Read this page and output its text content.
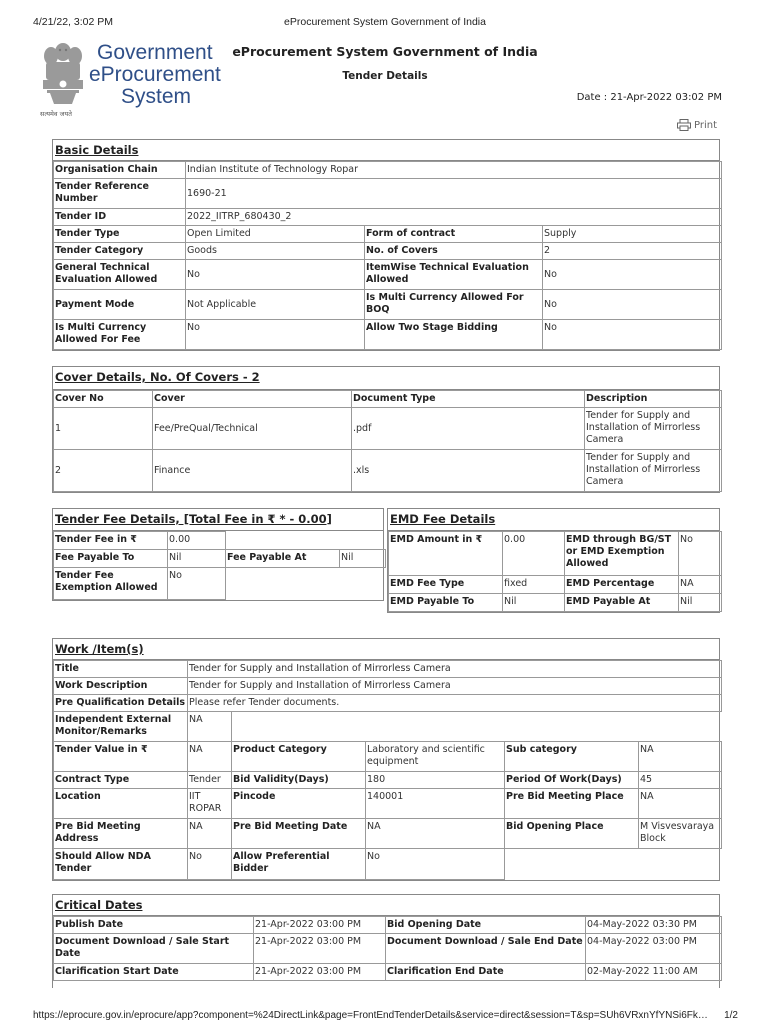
4/21/22, 3:02 PM	eProcurement System Government of India
सत्यमेव जयते
Government
eProcurement
System
eProcurement System Government of India
Tender Details
Date : 21-Apr-2022 03:02 PM
Print
Basic Details
Organisation Chain	Indian Institute of Technology Ropar		
Tender Reference Number	1690-21		
Tender ID	2022_IITRP_680430_2		
Tender Type	Open Limited	Form of contract	Supply
Tender Category	Goods	No. of Covers	2
General Technical Evaluation Allowed	No	ItemWise Technical Evaluation Allowed	No
Payment Mode	Not Applicable	Is Multi Currency Allowed For BOQ	No
Is Multi Currency Allowed For Fee	No	Allow Two Stage Bidding	No
Cover Details, No. Of Covers - 2
Cover No	Cover	Document Type	Description
1	Fee/PreQual/Technical	.pdf	Tender for Supply and Installation of Mirrorless Camera
2	Finance	.xls	Tender for Supply and Installation of Mirrorless Camera
Tender Fee Details, [Total Fee in ₹ * - 0.00]
Tender Fee in ₹	0.00		
Fee Payable To	Nil	Fee Payable At	Nil
Tender Fee Exemption Allowed	No		
EMD Fee Details
EMD Amount in ₹	0.00	EMD through BG/ST or EMD Exemption Allowed	No
EMD Fee Type	fixed	EMD Percentage	NA
EMD Payable To	Nil	EMD Payable At	Nil
Work /Item(s)
Title	Tender for Supply and Installation of Mirrorless Camera				
Work Description	Tender for Supply and Installation of Mirrorless Camera				
Pre Qualification Details	Please refer Tender documents.				
Independent External Monitor/Remarks	NA				
Tender Value in ₹	NA	Product Category	Laboratory and scientific equipment	Sub category	NA
Contract Type	Tender	Bid Validity(Days)	180	Period Of Work(Days)	45
Location	IIT ROPAR	Pincode	140001	Pre Bid Meeting Place	NA
Pre Bid Meeting Address	NA	Pre Bid Meeting Date	NA	Bid Opening Place	M Visvesvaraya Block
Should Allow NDA Tender	No	Allow Preferential Bidder	No		
Critical Dates
Publish Date	21-Apr-2022 03:00 PM	Bid Opening Date	04-May-2022 03:30 PM
Document Download / Sale Start Date	21-Apr-2022 03:00 PM	Document Download / Sale End Date	04-May-2022 03:00 PM
Clarification Start Date	21-Apr-2022 03:00 PM	Clarification End Date	02-May-2022 11:00 AM
https://eprocure.gov.in/eprocure/app?component=%24DirectLink&page=FrontEndTenderDetails&service=direct&session=T&sp=SUh6VRxnYfYNSi6Fk…	1/2
